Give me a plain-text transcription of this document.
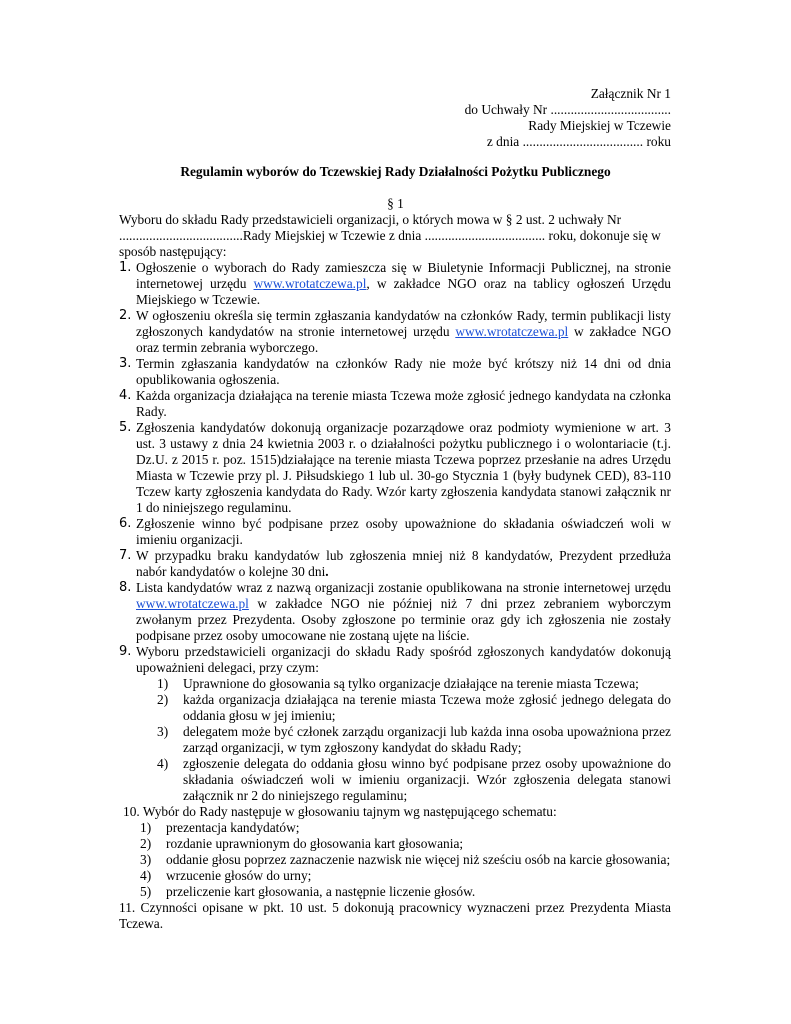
Załącznik Nr 1
do Uchwały Nr ....................................
Rady Miejskiej w Tczewie
z dnia .................................... roku
Regulamin wyborów do Tczewskiej Rady Działalności Pożytku Publicznego
§ 1
Wyboru do składu Rady przedstawicieli organizacji, o których mowa w § 2 ust. 2 uchwały Nr
.....................................Rady Miejskiej w Tczewie z dnia .................................... roku, dokonuje się w
sposób następujący:
1. Ogłoszenie o wyborach do Rady zamieszcza się w Biuletynie Informacji Publicznej, na stronie internetowej urzędu www.wrotatczewa.pl, w zakładce NGO oraz na tablicy ogłoszeń Urzędu Miejskiego w Tczewie.
2. W ogłoszeniu określa się termin zgłaszania kandydatów na członków Rady, termin publikacji listy zgłoszonych kandydatów na stronie internetowej urzędu www.wrotatczewa.pl w zakładce NGO oraz termin zebrania wyborczego.
3. Termin zgłaszania kandydatów na członków Rady nie może być krótszy niż 14 dni od dnia opublikowania ogłoszenia.
4. Każda organizacja działająca na terenie miasta Tczewa może zgłosić jednego kandydata na członka Rady.
5. Zgłoszenia kandydatów dokonują organizacje pozarządowe oraz podmioty wymienione w art. 3 ust. 3 ustawy z dnia 24 kwietnia 2003 r. o działalności pożytku publicznego i o wolontariacie (t.j. Dz.U. z 2015 r. poz. 1515)działające na terenie miasta Tczewa poprzez przesłanie na adres Urzędu Miasta w Tczewie przy pl. J. Piłsudskiego 1 lub ul. 30-go Stycznia 1 (były budynek CED), 83-110 Tczew karty zgłoszenia kandydata do Rady. Wzór karty zgłoszenia kandydata stanowi załącznik nr 1 do niniejszego regulaminu.
6. Zgłoszenie winno być podpisane przez osoby upoważnione do składania oświadczeń woli w imieniu organizacji.
7. W przypadku braku kandydatów lub zgłoszenia mniej niż 8 kandydatów, Prezydent przedłuża nabór kandydatów o kolejne 30 dni.
8. Lista kandydatów wraz z nazwą organizacji zostanie opublikowana na stronie internetowej urzędu www.wrotatczewa.pl w zakładce NGO nie później niż 7 dni przez zebraniem wyborczym zwołanym przez Prezydenta. Osoby zgłoszone po terminie oraz gdy ich zgłoszenia nie zostały podpisane przez osoby umocowane nie zostaną ujęte na liście.
9. Wyboru przedstawicieli organizacji do składu Rady spośród zgłoszonych kandydatów dokonują upoważnieni delegaci, przy czym:
1) Uprawnione do głosowania są tylko organizacje działające na terenie miasta Tczewa;
2) każda organizacja działająca na terenie miasta Tczewa może zgłosić jednego delegata do oddania głosu w jej imieniu;
3) delegatem może być członek zarządu organizacji lub każda inna osoba upoważniona przez zarząd organizacji, w tym zgłoszony kandydat do składu Rady;
4) zgłoszenie delegata do oddania głosu winno być podpisane przez osoby upoważnione do składania oświadczeń woli w imieniu organizacji. Wzór zgłoszenia delegata stanowi załącznik nr 2 do niniejszego regulaminu;
10. Wybór do Rady następuje w głosowaniu tajnym wg następującego schematu:
1) prezentacja kandydatów;
2) rozdanie uprawnionym do głosowania kart głosowania;
3) oddanie głosu poprzez zaznaczenie nazwisk nie więcej niż sześciu osób na karcie głosowania;
4) wrzucenie głosów do urny;
5) przeliczenie kart głosowania, a następnie liczenie głosów.
11. Czynności opisane w pkt. 10 ust. 5 dokonują pracownicy wyznaczeni przez Prezydenta Miasta Tczewa.
